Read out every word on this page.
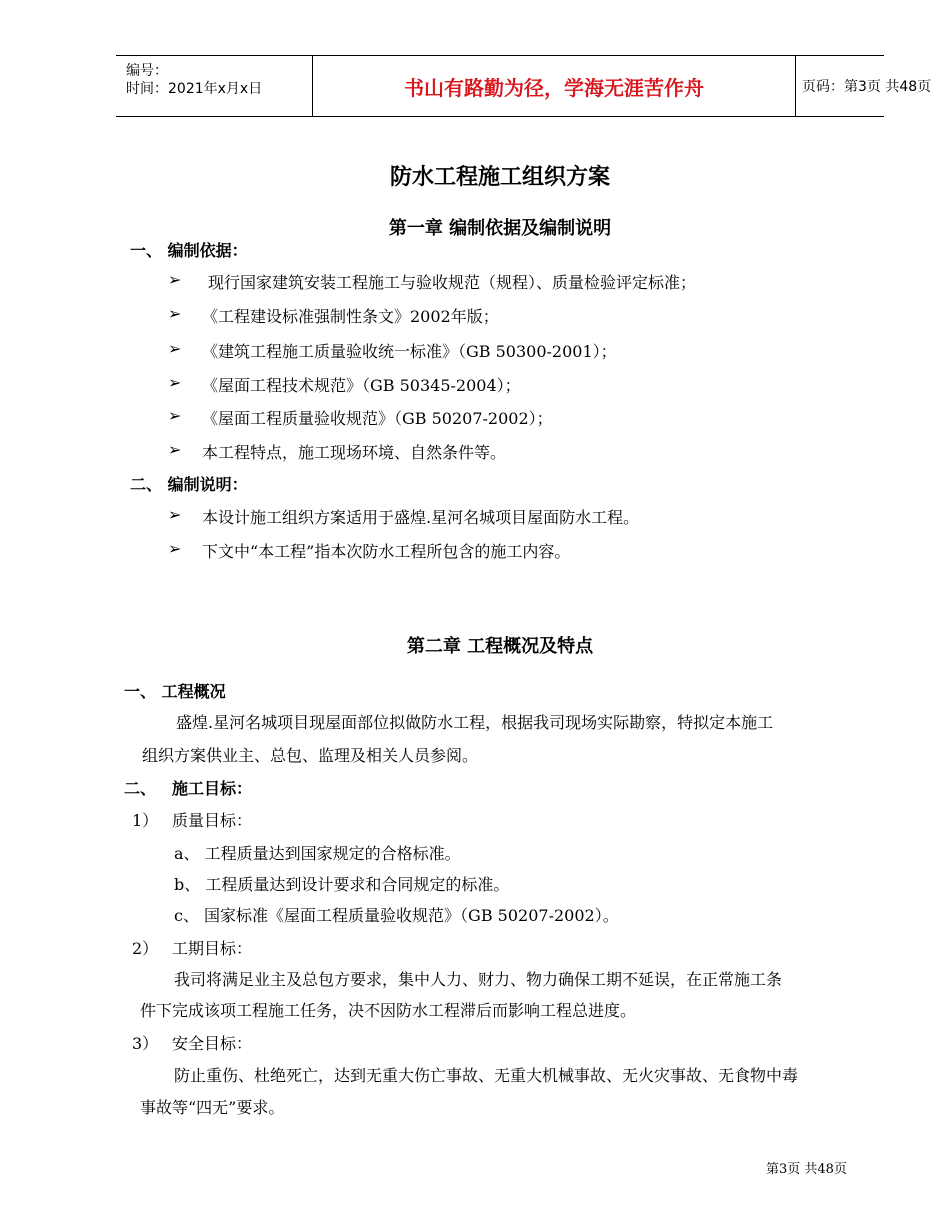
编号：
时间：2021年x月x日	书山有路勤为径，学海无涯苦作舟	页码：第3页 共48页
防水工程施工组织方案
第一章 编制依据及编制说明
一、 编制依据：
➢ 现行国家建筑安装工程施工与验收规范（规程）、质量检验评定标准；
➢ 《工程建设标准强制性条文》2002年版；
➢ 《建筑工程施工质量验收统一标准》（GB 50300-2001）；
➢ 《屋面工程技术规范》（GB 50345-2004）；
➢ 《屋面工程质量验收规范》（GB 50207-2002）；
➢ 本工程特点，施工现场环境、自然条件等。
二、 编制说明：
➢ 本设计施工组织方案适用于盛煌.星河名城项目屋面防水工程。
➢ 下文中“本工程”指本次防水工程所包含的施工内容。
第二章 工程概况及特点
一、 工程概况
盛煌.星河名城项目现屋面部位拟做防水工程，根据我司现场实际勘察，特拟定本施工
组织方案供业主、总包、监理及相关人员参阅。
二、 施工目标：
1） 质量目标：
a、 工程质量达到国家规定的合格标准。
b、 工程质量达到设计要求和合同规定的标准。
c、 国家标准《屋面工程质量验收规范》（GB 50207-2002）。
2） 工期目标：
我司将满足业主及总包方要求，集中人力、财力、物力确保工期不延误，在正常施工条
件下完成该项工程施工任务，决不因防水工程滞后而影响工程总进度。
3） 安全目标：
防止重伤、杜绝死亡，达到无重大伤亡事故、无重大机械事故、无火灾事故、无食物中毒
事故等“四无”要求。
第3页 共48页
